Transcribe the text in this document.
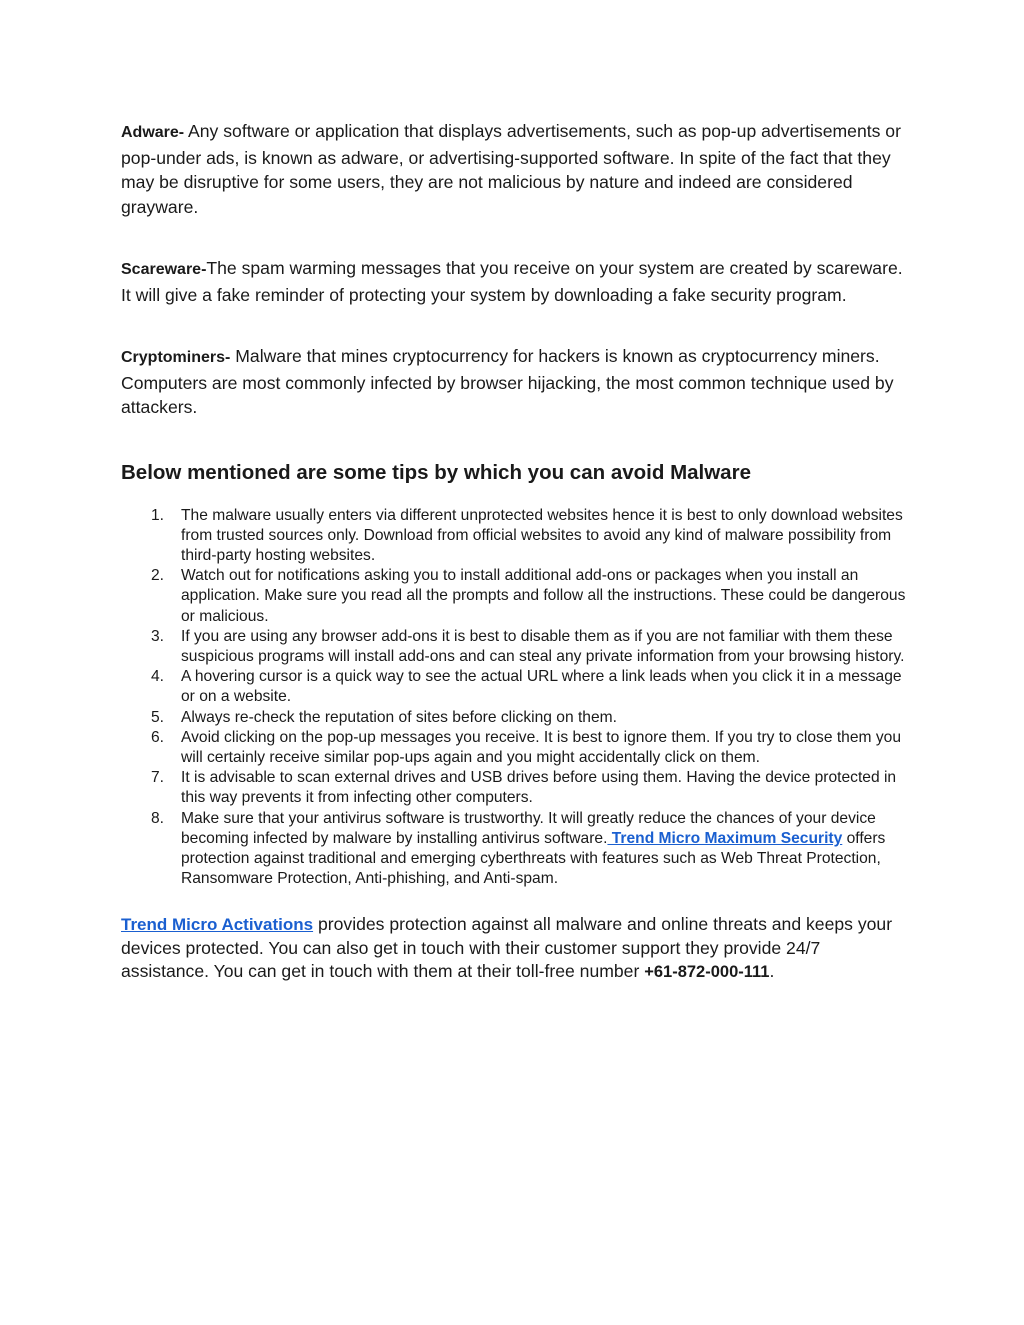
Adware- Any software or application that displays advertisements, such as pop-up advertisements or pop-under ads, is known as adware, or advertising-supported software. In spite of the fact that they may be disruptive for some users, they are not malicious by nature and indeed are considered grayware.

Scareware-The spam warming messages that you receive on your system are created by scareware. It will give a fake reminder of protecting your system by downloading a fake security program.

Cryptominers- Malware that mines cryptocurrency for hackers is known as cryptocurrency miners. Computers are most commonly infected by browser hijacking, the most common technique used by attackers.

Below mentioned are some tips by which you can avoid Malware
1. The malware usually enters via different unprotected websites hence it is best to only download websites from trusted sources only. Download from official websites to avoid any kind of malware possibility from third-party hosting websites.
2. Watch out for notifications asking you to install additional add-ons or packages when you install an application. Make sure you read all the prompts and follow all the instructions. These could be dangerous or malicious.
3. If you are using any browser add-ons it is best to disable them as if you are not familiar with them these suspicious programs will install add-ons and can steal any private information from your browsing history.
4. A hovering cursor is a quick way to see the actual URL where a link leads when you click it in a message or on a website.
5. Always re-check the reputation of sites before clicking on them.
6. Avoid clicking on the pop-up messages you receive. It is best to ignore them. If you try to close them you will certainly receive similar pop-ups again and you might accidentally click on them.
7. It is advisable to scan external drives and USB drives before using them. Having the device protected in this way prevents it from infecting other computers.
8. Make sure that your antivirus software is trustworthy. It will greatly reduce the chances of your device becoming infected by malware by installing antivirus software. Trend Micro Maximum Security offers protection against traditional and emerging cyberthreats with features such as Web Threat Protection, Ransomware Protection, Anti-phishing, and Anti-spam.

Trend Micro Activations provides protection against all malware and online threats and keeps your devices protected. You can also get in touch with their customer support they provide 24/7 assistance. You can get in touch with them at their toll-free number +61-872-000-111.
